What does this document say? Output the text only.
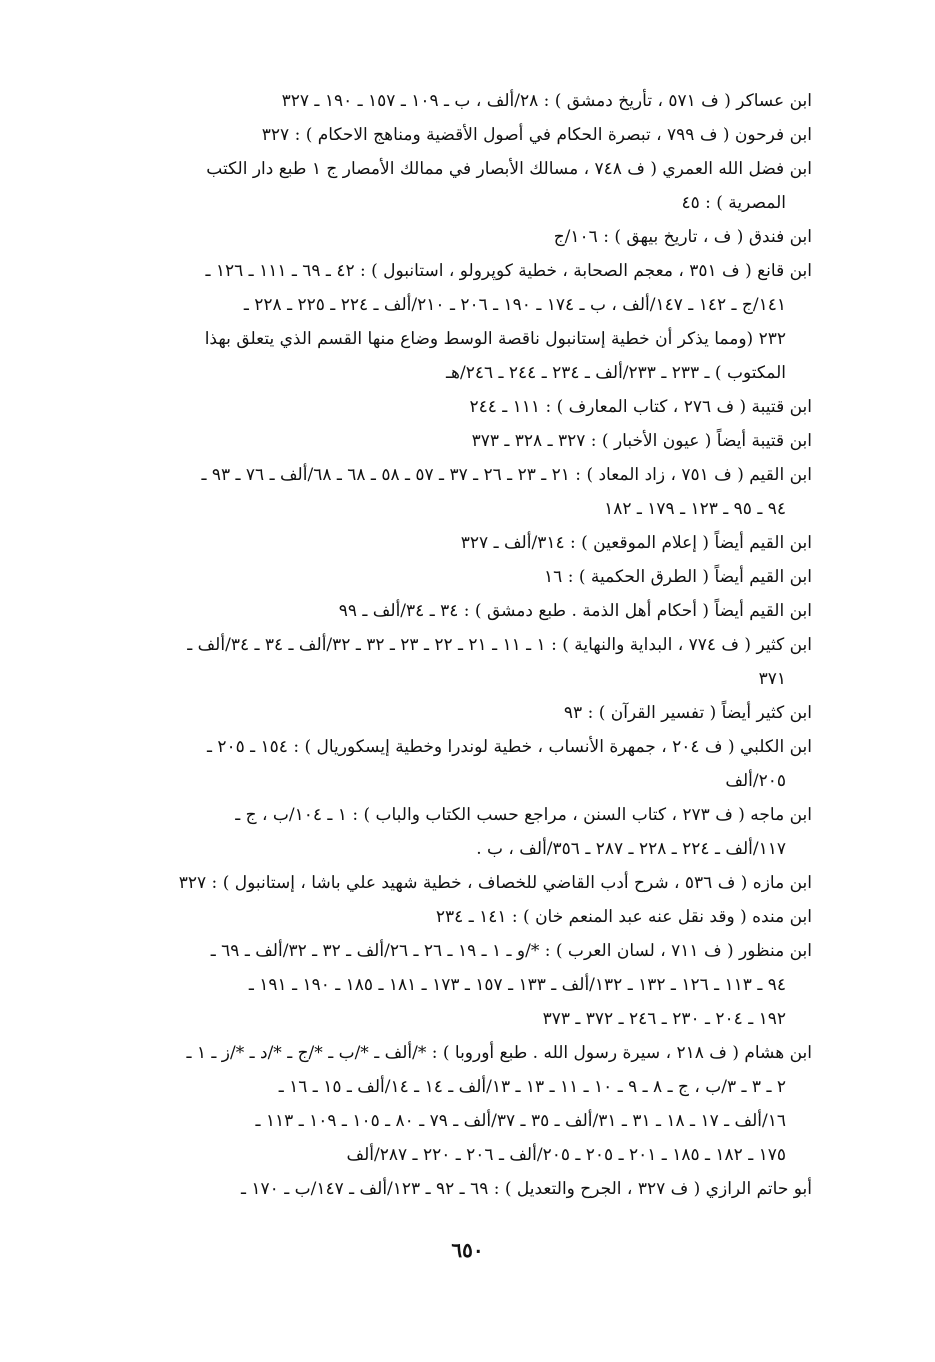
ابن عساكر ( ف ٥٧١ ، تأريخ دمشق ) : ٢٨/ألف ، ب ـ ١٠٩ ـ ١٥٧ ـ ١٩٠ ـ ٣٢٧
ابن فرحون ( ف ٧٩٩ ، تبصرة الحكام في أصول الأقضية ومناهج الاحكام ) : ٣٢٧
ابن فضل الله العمري ( ف ٧٤٨ ، مسالك الأبصار في ممالك الأمصار ج ١ طبع دار الكتب
المصرية ) : ٤٥
ابن فندق ( ف ، تاريخ بيهق ) : ١٠٦/ج
ابن قانع ( ف ٣٥١ ، معجم الصحابة ، خطية كوپرولو ، استانبول ) : ٤٢ ـ ٦٩ ـ ١١١ ـ ١٢٦ ـ
١٤١/ج ـ ١٤٢ ـ ١٤٧/ألف ، ب ـ ١٧٤ ـ ١٩٠ ـ ٢٠٦ ـ ٢١٠/ألف ـ ٢٢٤ ـ ٢٢٥ ـ ٢٢٨ ـ
٢٣٢ (ومما يذكر أن خطية إستانبول ناقصة الوسط وضاع منها القسم الذي يتعلق بهذا
المكتوب ) ـ ٢٣٣ ـ ٢٣٣/ألف ـ ٢٣٤ ـ ٢٤٤ ـ ٢٤٦/هـ
ابن قتيبة ( ف ٢٧٦ ، كتاب المعارف ) : ١١١ ـ ٢٤٤
ابن قتيبة أيضاً ( عيون الأخبار ) : ٣٢٧ ـ ٣٢٨ ـ ٣٧٣
ابن القيم ( ف ٧٥١ ، زاد المعاد ) : ٢١ ـ ٢٣ ـ ٢٦ ـ ٣٧ ـ ٥٧ ـ ٥٨ ـ ٦٨ ـ ٦٨/ألف ـ ٧٦ ـ ٩٣ ـ
٩٤ ـ ٩٥ ـ ١٢٣ ـ ١٧٩ ـ ١٨٢
ابن القيم أيضاً ( إعلام الموقعين ) : ٣١٤/ألف ـ ٣٢٧
ابن القيم أيضاً ( الطرق الحكمية ) : ١٦
ابن القيم أيضاً ( أحكام أهل الذمة . طبع دمشق ) : ٣٤ ـ ٣٤/ألف ـ ٩٩
ابن كثير ( ف ٧٧٤ ، البداية والنهاية ) : ١ ـ ١١ ـ ٢١ ـ ٢٢ ـ ٢٣ ـ ٣٢ ـ ٣٢/ألف ـ ٣٤ ـ ٣٤/ألف ـ
٣٧١
ابن كثير أيضاً ( تفسير القرآن ) : ٩٣
ابن الكلبي ( ف ٢٠٤ ، جمهرة الأنساب ، خطية لوندرا وخطية إيسكوريال ) : ١٥٤ ـ ٢٠٥ ـ
٢٠٥/ألف
ابن ماجه ( ف ٢٧٣ ، كتاب السنن ، مراجع حسب الكتاب والباب ) : ١ ـ ١٠٤/ب ، ج ـ
١١٧/ألف ـ ٢٢٤ ـ ٢٢٨ ـ ٢٨٧ ـ ٣٥٦/ألف ، ب .
ابن مازه ( ف ٥٣٦ ، شرح أدب القاضي للخصاف ، خطية شهيد علي باشا ، إستانبول ) : ٣٢٧
ابن منده ( وقد نقل عنه عبد المنعم خان ) : ١٤١ ـ ٢٣٤
ابن منظور ( ف ٧١١ ، لسان العرب ) : */و ـ ١ ـ ١٩ ـ ٢٦ ـ ٢٦/ألف ـ ٣٢ ـ ٣٢/ألف ـ ٦٩ ـ
٩٤ ـ ١١٣ ـ ١٢٦ ـ ١٣٢ ـ ١٣٢/ألف ـ ١٣٣ ـ ١٥٧ ـ ١٧٣ ـ ١٨١ ـ ١٨٥ ـ ١٩٠ ـ ١٩١ ـ
١٩٢ ـ ٢٠٤ ـ ٢٣٠ ـ ٢٤٦ ـ ٣٧٢ ـ ٣٧٣
ابن هشام ( ف ٢١٨ ، سيرة رسول الله . طبع أوروبا ) : */ألف ـ */ب ـ */ج ـ */د ـ */ز ـ ١ ـ
٢ ـ ٣ ـ ٣/ب ، ج ـ ٨ ـ ٩ ـ ١٠ ـ ١١ ـ ١٣ ـ ١٣/ألف ـ ١٤ ـ ١٤/ألف ـ ١٥ ـ ١٦ ـ
١٦/ألف ـ ١٧ ـ ١٨ ـ ٣١ ـ ٣١/ألف ـ ٣٥ ـ ٣٧/ألف ـ ٧٩ ـ ٨٠ ـ ١٠٥ ـ ١٠٩ ـ ١١٣ ـ
١٧٥ ـ ١٨٢ ـ ١٨٥ ـ ٢٠١ ـ ٢٠٥ ـ ٢٠٥/ألف ـ ٢٠٦ ـ ٢٢٠ ـ ٢٨٧/ألف
أبو حاتم الرازي ( ف ٣٢٧ ، الجرح والتعديل ) : ٦٩ ـ ٩٢ ـ ١٢٣/ألف ـ ١٤٧/ب ـ ١٧٠ ـ
٦٥٠
